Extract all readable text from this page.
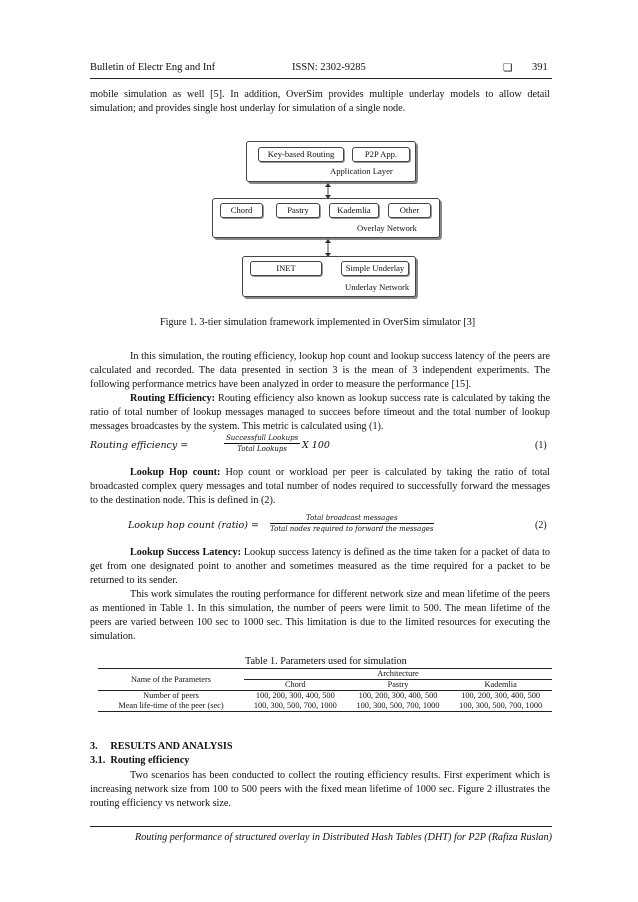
Bulletin of Electr Eng and Inf	ISSN: 2302-9285	❏ 391

mobile simulation as well [5]. In addition, OverSim provides multiple underlay models to allow detail simulation; and provides single host underlay for simulation of a single node.

Key-based Routing	P2P App.
Application Layer
Chord	Pastry	Kademlia	Other
Overlay Network
INET	Simple Underlay
Underlay Network
Figure 1. 3-tier simulation framework implemented in OverSim simulator [3]

In this simulation, the routing efficiency, lookup hop count and lookup success latency of the peers are calculated and recorded. The data presented in section 3 is the mean of 3 independent experiments. The following performance metrics have been analyzed in order to measure the performance [15].

Routing Efficiency: Routing efficiency also known as lookup success rate is calculated by taking the ratio of total number of lookup messages managed to succees before timeout and the total number of lookup messages broadcastes by the system. This metric is calculated using (1).

Routing efficiency =
Successfull Lookups
Total Lookups	X 100	(1)

Lookup Hop count: Hop count or workload per peer is calculated by taking the ratio of total broadcasted complex query messages and total number of nodes required to successfully forward the messages to the destination node. This is defined in (2).

Lookup hop count (ratio) =
Total broadcast messages
Total nodes required to forward the messages	(2)

Lookup Success Latency: Lookup success latency is defined as the time taken for a packet of data to get from one designated point to another and sometimes measured as the time required for a packet to be returned to its sender.

This work simulates the routing performance for different network size and mean lifetime of the peers as mentioned in Table 1. In this simulation, the number of peers were limit to 500. The mean lifetime of the peers are varied between 100 sec to 1000 sec. This limitation is due to the limited resources for executing the simulation.

Table 1. Parameters used for simulation
Name of the Parameters	Architecture		
	Chord	Pastry	Kademlia
Number of peers	100, 200, 300, 400, 500	100, 200, 300, 400, 500	100, 200, 300, 400, 500
Mean life-time of the peer (sec)	100, 300, 500, 700, 1000	100, 300, 500, 700, 1000	100, 300, 500, 700, 1000
3.     RESULTS AND ANALYSIS
3.1.  Routing efficiency

Two scenarios has been conducted to collect the routing efficiency results. First experiment which is increasing network size from 100 to 500 peers with the fixed mean lifetime of 1000 sec. Figure 2 illustrates the routing efficiency vs network size.

Routing performance of structured overlay in Distributed Hash Tables (DHT) for P2P (Rafiza Ruslan)
